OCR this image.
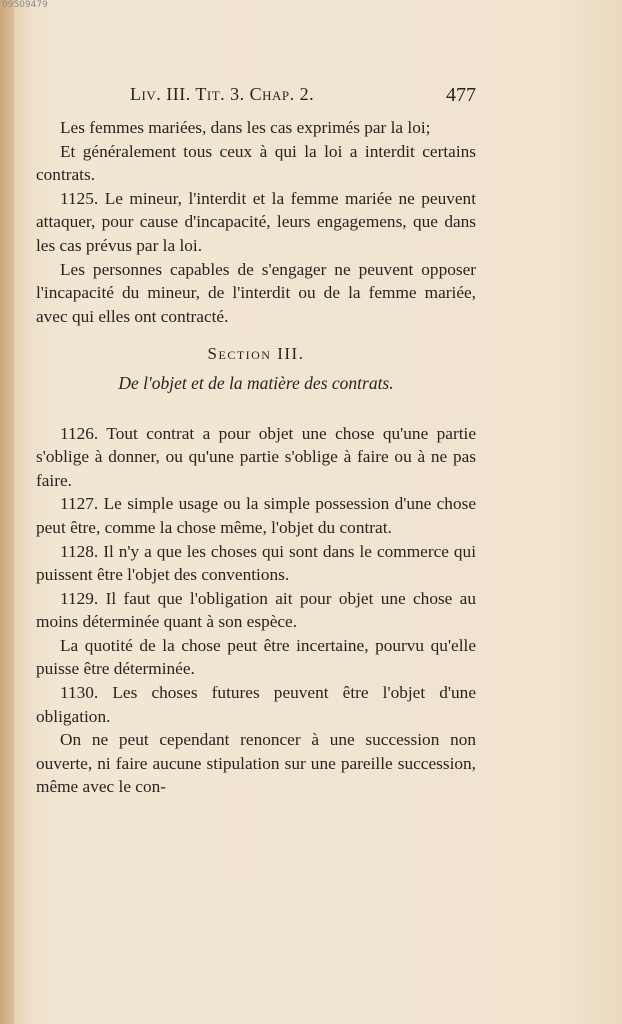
09509479
Liv. III. Tit. 3. Chap. 2.	477

Les femmes mariées, dans les cas exprimés par la loi;

Et généralement tous ceux à qui la loi a interdit certains contrats.

1125. Le mineur, l'interdit et la femme mariée ne peuvent attaquer, pour cause d'incapacité, leurs engagemens, que dans les cas prévus par la loi.

Les personnes capables de s'engager ne peuvent opposer l'incapacité du mineur, de l'interdit ou de la femme mariée, avec qui elles ont contracté.

Section III.
De l'objet et de la matière des contrats.

1126. Tout contrat a pour objet une chose qu'une partie s'oblige à donner, ou qu'une partie s'oblige à faire ou à ne pas faire.

1127. Le simple usage ou la simple possession d'une chose peut être, comme la chose même, l'objet du contrat.

1128. Il n'y a que les choses qui sont dans le commerce qui puissent être l'objet des conventions.

1129. Il faut que l'obligation ait pour objet une chose au moins déterminée quant à son espèce.

La quotité de la chose peut être incertaine, pourvu qu'elle puisse être déterminée.

1130. Les choses futures peuvent être l'objet d'une obligation.

On ne peut cependant renoncer à une succession non ouverte, ni faire aucune stipulation sur une pareille succession, même avec le con-
